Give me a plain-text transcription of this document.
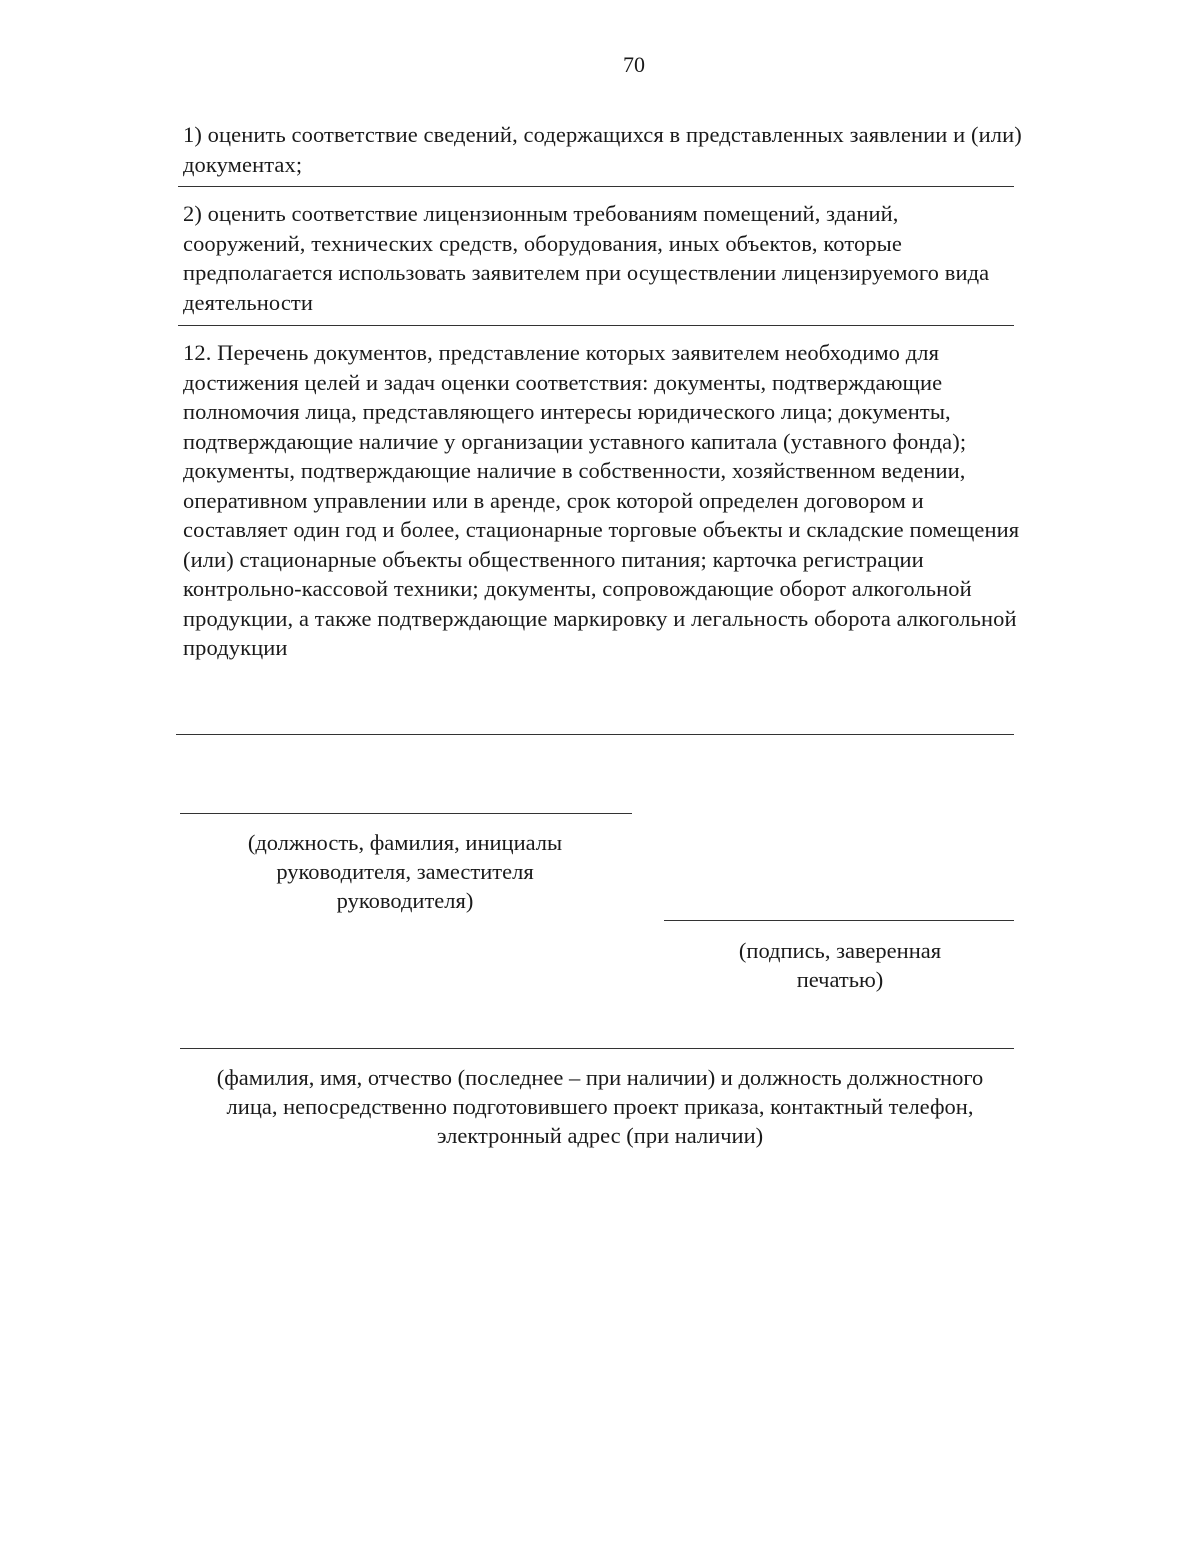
70

1) оценить соответствие сведений, содержащихся в представленных заявлении и (или) документах;

2) оценить соответствие лицензионным требованиям помещений, зданий, сооружений, технических средств, оборудования, иных объектов, которые предполагается использовать заявителем при осуществлении лицензируемого вида деятельности

12. Перечень документов, представление которых заявителем необходимо для достижения целей и задач оценки соответствия: документы, подтверждающие полномочия лица, представляющего интересы юридического лица; документы, подтверждающие наличие у организации уставного капитала (уставного фонда); документы, подтверждающие наличие в собственности, хозяйственном ведении, оперативном управлении или в аренде, срок которой определен договором и составляет один год и более, стационарные торговые объекты и складские помещения (или) стационарные объекты общественного питания; карточка регистрации контрольно-кассовой техники; документы, сопровождающие оборот алкогольной продукции, а также подтверждающие маркировку и легальность оборота алкогольной продукции

(должность, фамилия, инициалы руководителя, заместителя руководителя)
(подпись, заверенная печатью)
(фамилия, имя, отчество (последнее – при наличии) и должность должностного лица, непосредственно подготовившего проект приказа, контактный телефон, электронный адрес (при наличии)
